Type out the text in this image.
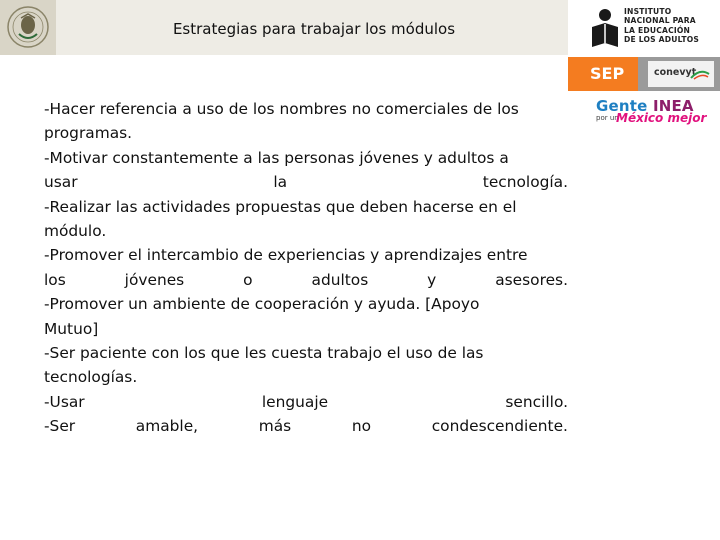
Estrategias para trabajar los módulos
INSTITUTO
NACIONAL PARA
LA EDUCACIÓN
DE LOS ADULTOS
SEP	conevyt
Gente INEA
por un
México mejor
-Hacer referencia a uso de los nombres no comerciales de los
programas.
-Motivar constantemente a las personas jóvenes y adultos a
usar	la	tecnología.
-Realizar las actividades propuestas que deben hacerse en el
módulo.
-Promover el intercambio de experiencias y aprendizajes entre
los	jóvenes	o	adultos	y	asesores.
-Promover un ambiente de cooperación y ayuda. [Apoyo
Mutuo]
-Ser paciente con los que les cuesta trabajo el uso de las
tecnologías.
-Usar	lenguaje	sencillo.
-Ser	amable,	más	no	condescendiente.
